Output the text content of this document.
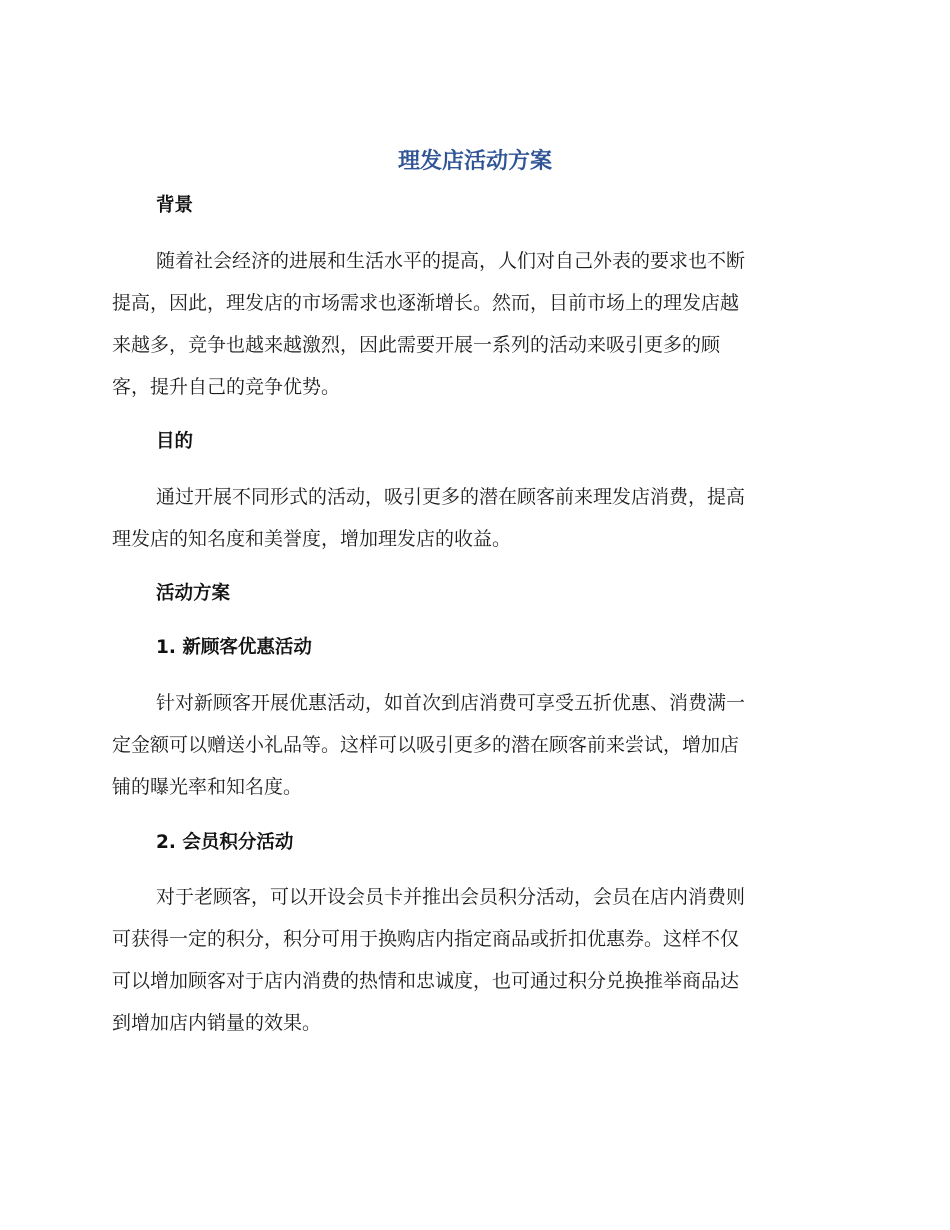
理发店活动方案
背景
随着社会经济的进展和生活水平的提高，人们对自己外表的要求也不断
提高，因此，理发店的市场需求也逐渐增长。然而，目前市场上的理发店越
来越多，竞争也越来越激烈，因此需要开展一系列的活动来吸引更多的顾
客，提升自己的竞争优势。
目的
通过开展不同形式的活动，吸引更多的潜在顾客前来理发店消费，提高
理发店的知名度和美誉度，增加理发店的收益。
活动方案
1. 新顾客优惠活动
针对新顾客开展优惠活动，如首次到店消费可享受五折优惠、消费满一
定金额可以赠送小礼品等。这样可以吸引更多的潜在顾客前来尝试，增加店
铺的曝光率和知名度。
2. 会员积分活动
对于老顾客，可以开设会员卡并推出会员积分活动，会员在店内消费则
可获得一定的积分，积分可用于换购店内指定商品或折扣优惠券。这样不仅
可以增加顾客对于店内消费的热情和忠诚度，也可通过积分兑换推举商品达
到增加店内销量的效果。
